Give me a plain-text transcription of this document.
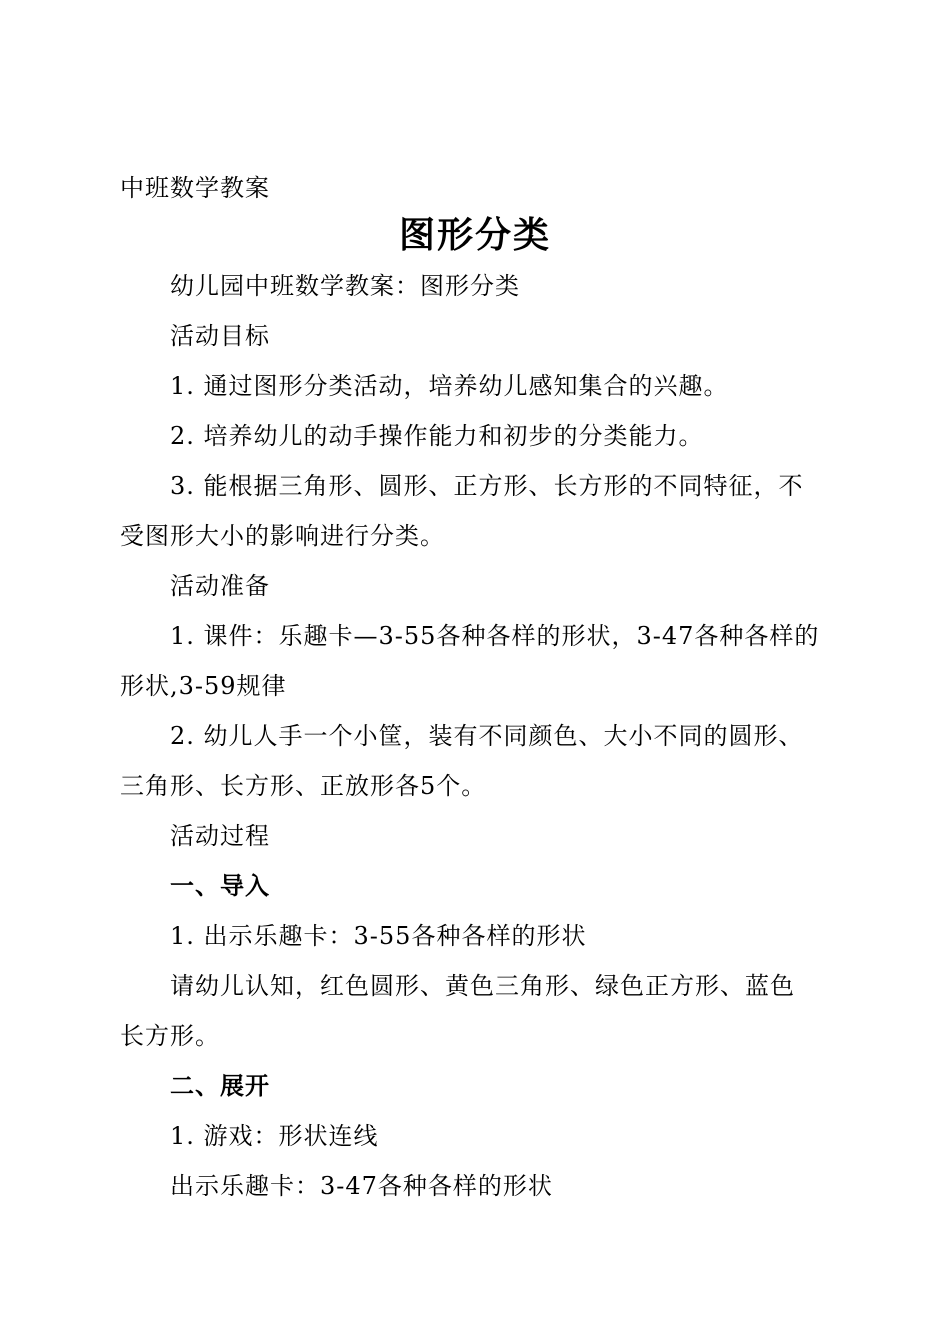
中班数学教案
图形分类
幼儿园中班数学教案：图形分类
活动目标
1. 通过图形分类活动，培养幼儿感知集合的兴趣。
2. 培养幼儿的动手操作能力和初步的分类能力。
3. 能根据三角形、圆形、正方形、长方形的不同特征，不
受图形大小的影响进行分类。
活动准备
1. 课件：乐趣卡—3-55各种各样的形状，3-47各种各样的
形状,3-59规律
2. 幼儿人手一个小筐，装有不同颜色、大小不同的圆形、
三角形、长方形、正放形各5个。
活动过程
一、导入
1. 出示乐趣卡：3-55各种各样的形状
请幼儿认知，红色圆形、黄色三角形、绿色正方形、蓝色
长方形。
二、展开
1. 游戏：形状连线
出示乐趣卡：3-47各种各样的形状
